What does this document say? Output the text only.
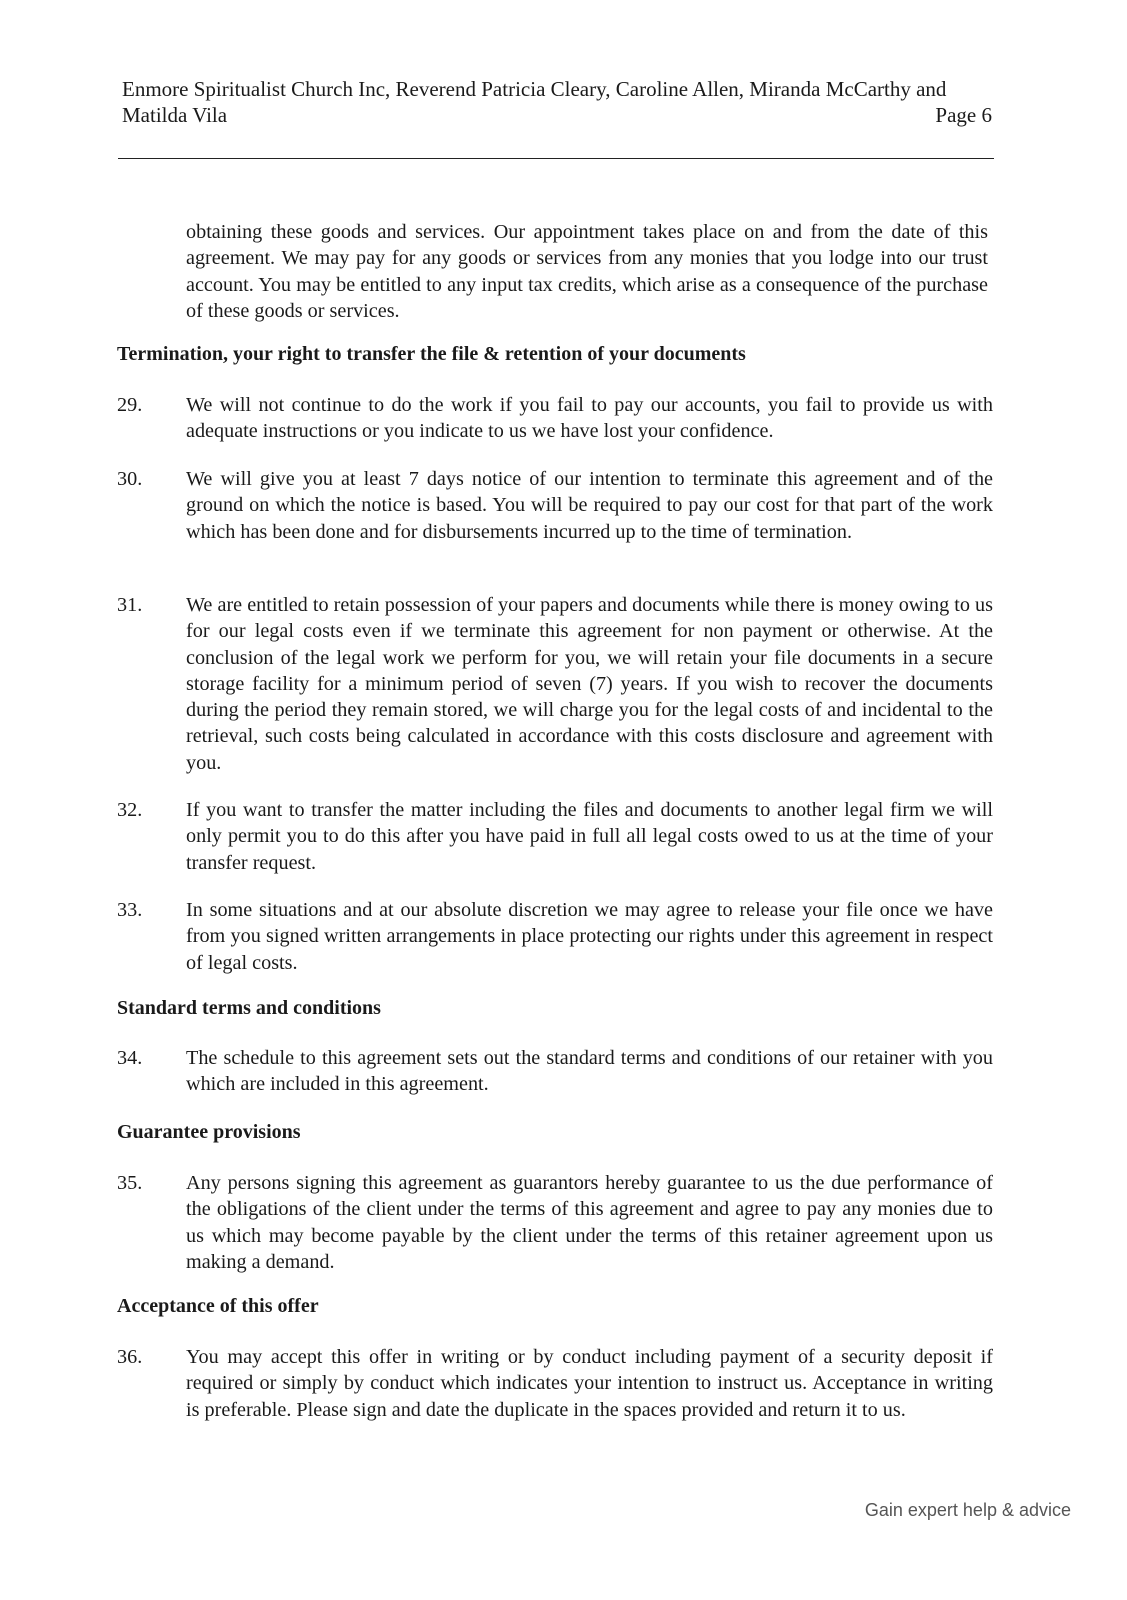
Enmore Spiritualist Church Inc, Reverend Patricia Cleary, Caroline Allen, Miranda McCarthy and
Matilda Vila	Page 6
obtaining these goods and services. Our appointment takes place on and from the date of this agreement. We may pay for any goods or services from any monies that you lodge into our trust account. You may be entitled to any input tax credits, which arise as a consequence of the purchase of these goods or services.
Termination, your right to transfer the file & retention of your documents
29.	We will not continue to do the work if you fail to pay our accounts, you fail to provide us with adequate instructions or you indicate to us we have lost your confidence.
30.	We will give you at least 7 days notice of our intention to terminate this agreement and of the ground on which the notice is based. You will be required to pay our cost for that part of the work which has been done and for disbursements incurred up to the time of termination.
31.	We are entitled to retain possession of your papers and documents while there is money owing to us for our legal costs even if we terminate this agreement for non payment or otherwise. At the conclusion of the legal work we perform for you, we will retain your file documents in a secure storage facility for a minimum period of seven (7) years. If you wish to recover the documents during the period they remain stored, we will charge you for the legal costs of and incidental to the retrieval, such costs being calculated in accordance with this costs disclosure and agreement with you.
32.	If you want to transfer the matter including the files and documents to another legal firm we will only permit you to do this after you have paid in full all legal costs owed to us at the time of your transfer request.
33.	In some situations and at our absolute discretion we may agree to release your file once we have from you signed written arrangements in place protecting our rights under this agreement in respect of legal costs.
Standard terms and conditions
34.	The schedule to this agreement sets out the standard terms and conditions of our retainer with you which are included in this agreement.
Guarantee provisions
35.	Any persons signing this agreement as guarantors hereby guarantee to us the due performance of the obligations of the client under the terms of this agreement and agree to pay any monies due to us which may become payable by the client under the terms of this retainer agreement upon us making a demand.
Acceptance of this offer
36.	You may accept this offer in writing or by conduct including payment of a security deposit if required or simply by conduct which indicates your intention to instruct us. Acceptance in writing is preferable. Please sign and date the duplicate in the spaces provided and return it to us.
Gain expert help & advice
